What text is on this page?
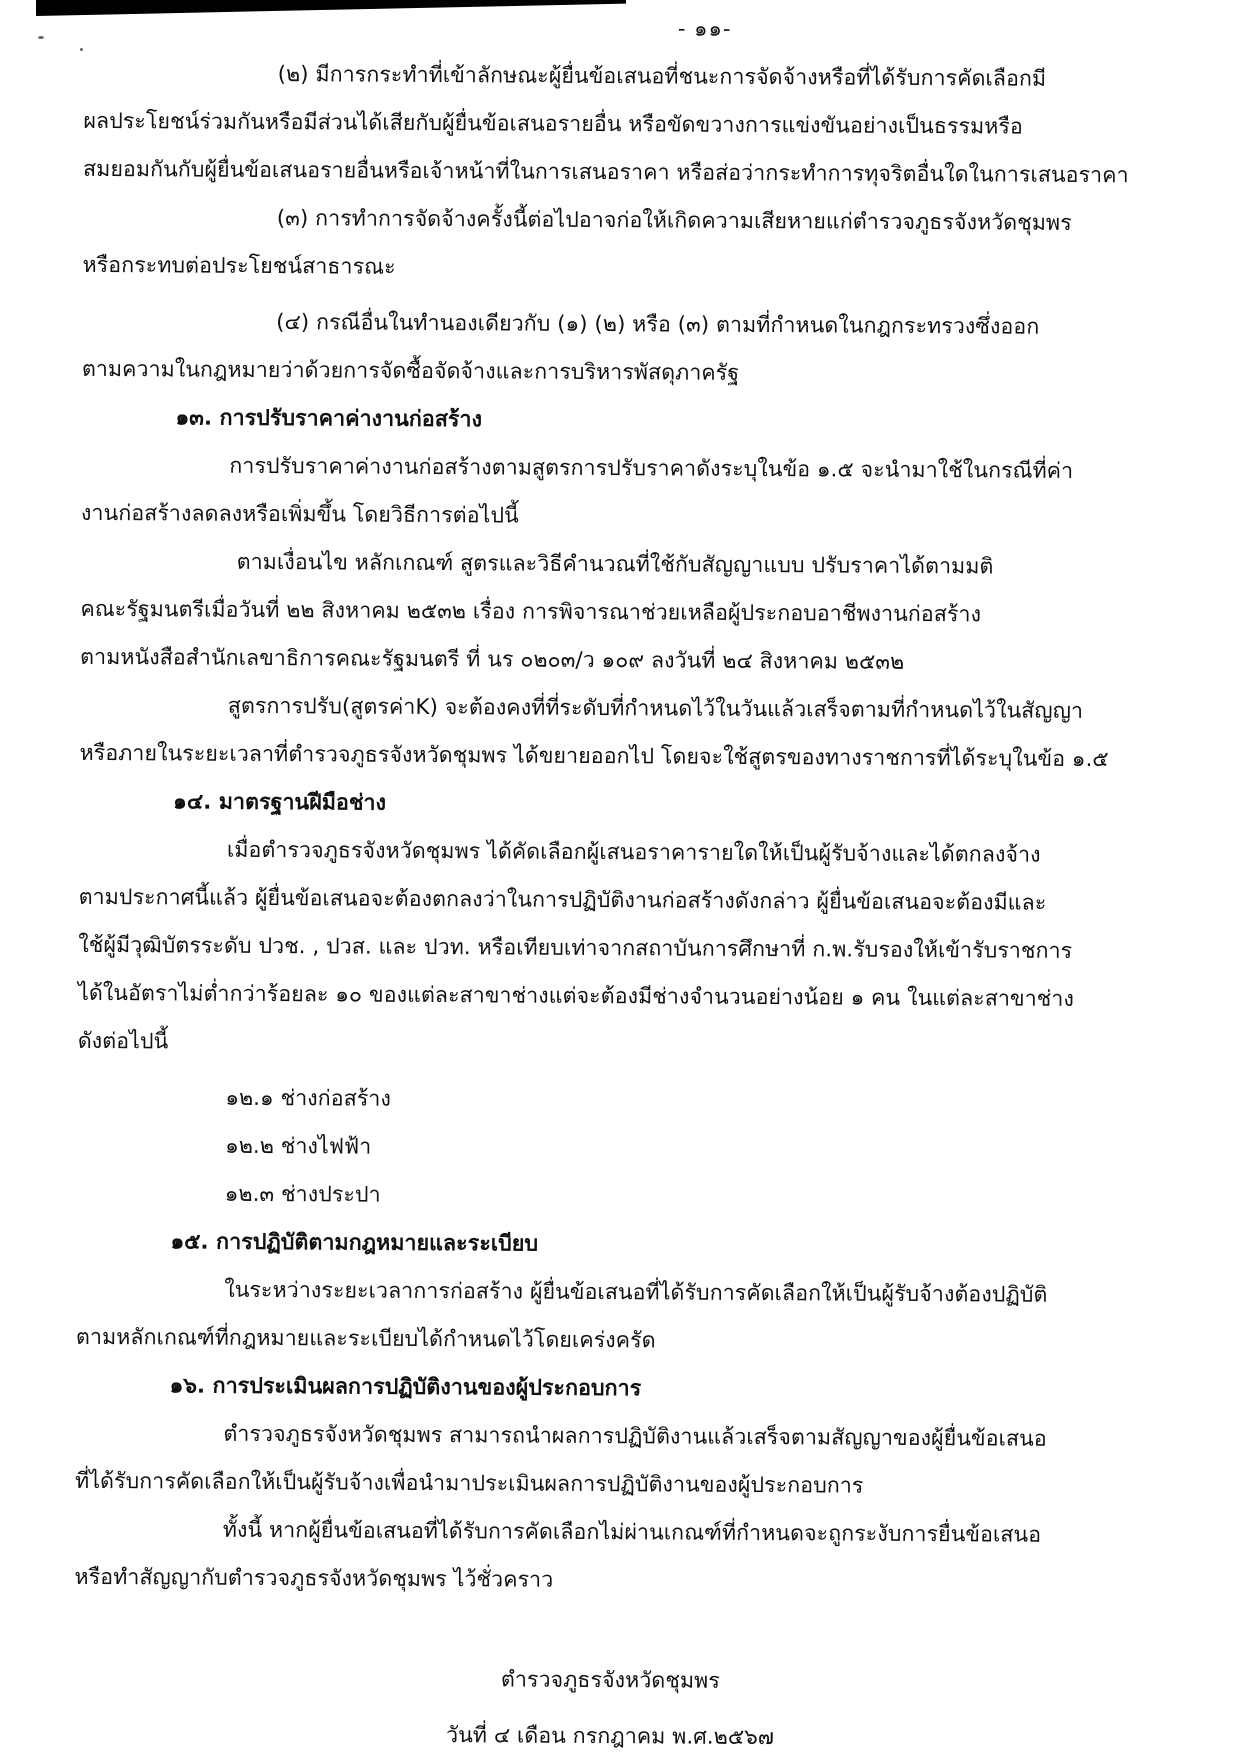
- ๑๑-
(๒) มีการกระทำที่เข้าลักษณะผู้ยื่นข้อเสนอที่ชนะการจัดจ้างหรือที่ได้รับการคัดเลือกมี
ผลประโยชน์ร่วมกันหรือมีส่วนได้เสียกับผู้ยื่นข้อเสนอรายอื่น หรือขัดขวางการแข่งขันอย่างเป็นธรรมหรือ
สมยอมกันกับผู้ยื่นข้อเสนอรายอื่นหรือเจ้าหน้าที่ในการเสนอราคา หรือส่อว่ากระทำการทุจริตอื่นใดในการเสนอราคา
(๓) การทำการจัดจ้างครั้งนี้ต่อไปอาจก่อให้เกิดความเสียหายแก่ตำรวจภูธรจังหวัดชุมพร
หรือกระทบต่อประโยชน์สาธารณะ
(๔) กรณีอื่นในทำนองเดียวกับ (๑) (๒) หรือ (๓) ตามที่กำหนดในกฎกระทรวงซึ่งออก
ตามความในกฎหมายว่าด้วยการจัดซื้อจัดจ้างและการบริหารพัสดุภาครัฐ
๑๓. การปรับราคาค่างานก่อสร้าง
การปรับราคาค่างานก่อสร้างตามสูตรการปรับราคาดังระบุในข้อ ๑.๕ จะนำมาใช้ในกรณีที่ค่า
งานก่อสร้างลดลงหรือเพิ่มขึ้น โดยวิธีการต่อไปนี้
ตามเงื่อนไข หลักเกณฑ์ สูตรและวิธีคำนวณที่ใช้กับสัญญาแบบ ปรับราคาได้ตามมติ
คณะรัฐมนตรีเมื่อวันที่ ๒๒ สิงหาคม ๒๕๓๒ เรื่อง การพิจารณาช่วยเหลือผู้ประกอบอาชีพงานก่อสร้าง
ตามหนังสือสำนักเลขาธิการคณะรัฐมนตรี ที่ นร ๐๒๐๓/ว ๑๐๙ ลงวันที่ ๒๔ สิงหาคม ๒๕๓๒
สูตรการปรับ(สูตรค่าK) จะต้องคงที่ที่ระดับที่กำหนดไว้ในวันแล้วเสร็จตามที่กำหนดไว้ในสัญญา
หรือภายในระยะเวลาที่ตำรวจภูธรจังหวัดชุมพร ได้ขยายออกไป โดยจะใช้สูตรของทางราชการที่ได้ระบุในข้อ ๑.๕
๑๔. มาตรฐานฝีมือช่าง
เมื่อตำรวจภูธรจังหวัดชุมพร ได้คัดเลือกผู้เสนอราคารายใดให้เป็นผู้รับจ้างและได้ตกลงจ้าง
ตามประกาศนี้แล้ว ผู้ยื่นข้อเสนอจะต้องตกลงว่าในการปฏิบัติงานก่อสร้างดังกล่าว ผู้ยื่นข้อเสนอจะต้องมีและ
ใช้ผู้มีวุฒิบัตรระดับ ปวช. , ปวส. และ ปวท. หรือเทียบเท่าจากสถาบันการศึกษาที่ ก.พ.รับรองให้เข้ารับราชการ
ได้ในอัตราไม่ต่ำกว่าร้อยละ ๑๐ ของแต่ละสาขาช่างแต่จะต้องมีช่างจำนวนอย่างน้อย ๑ คน ในแต่ละสาขาช่าง
ดังต่อไปนี้
๑๒.๑ ช่างก่อสร้าง
๑๒.๒ ช่างไฟฟ้า
๑๒.๓ ช่างประปา
๑๕. การปฏิบัติตามกฎหมายและระเบียบ
ในระหว่างระยะเวลาการก่อสร้าง ผู้ยื่นข้อเสนอที่ได้รับการคัดเลือกให้เป็นผู้รับจ้างต้องปฏิบัติ
ตามหลักเกณฑ์ที่กฎหมายและระเบียบได้กำหนดไว้โดยเคร่งครัด
๑๖. การประเมินผลการปฏิบัติงานของผู้ประกอบการ
ตำรวจภูธรจังหวัดชุมพร สามารถนำผลการปฏิบัติงานแล้วเสร็จตามสัญญาของผู้ยื่นข้อเสนอ
ที่ได้รับการคัดเลือกให้เป็นผู้รับจ้างเพื่อนำมาประเมินผลการปฏิบัติงานของผู้ประกอบการ
ทั้งนี้ หากผู้ยื่นข้อเสนอที่ได้รับการคัดเลือกไม่ผ่านเกณฑ์ที่กำหนดจะถูกระงับการยื่นข้อเสนอ
หรือทำสัญญากับตำรวจภูธรจังหวัดชุมพร ไว้ชั่วคราว
ตำรวจภูธรจังหวัดชุมพร
วันที่ ๔ เดือน กรกฎาคม พ.ศ.๒๕๖๗
